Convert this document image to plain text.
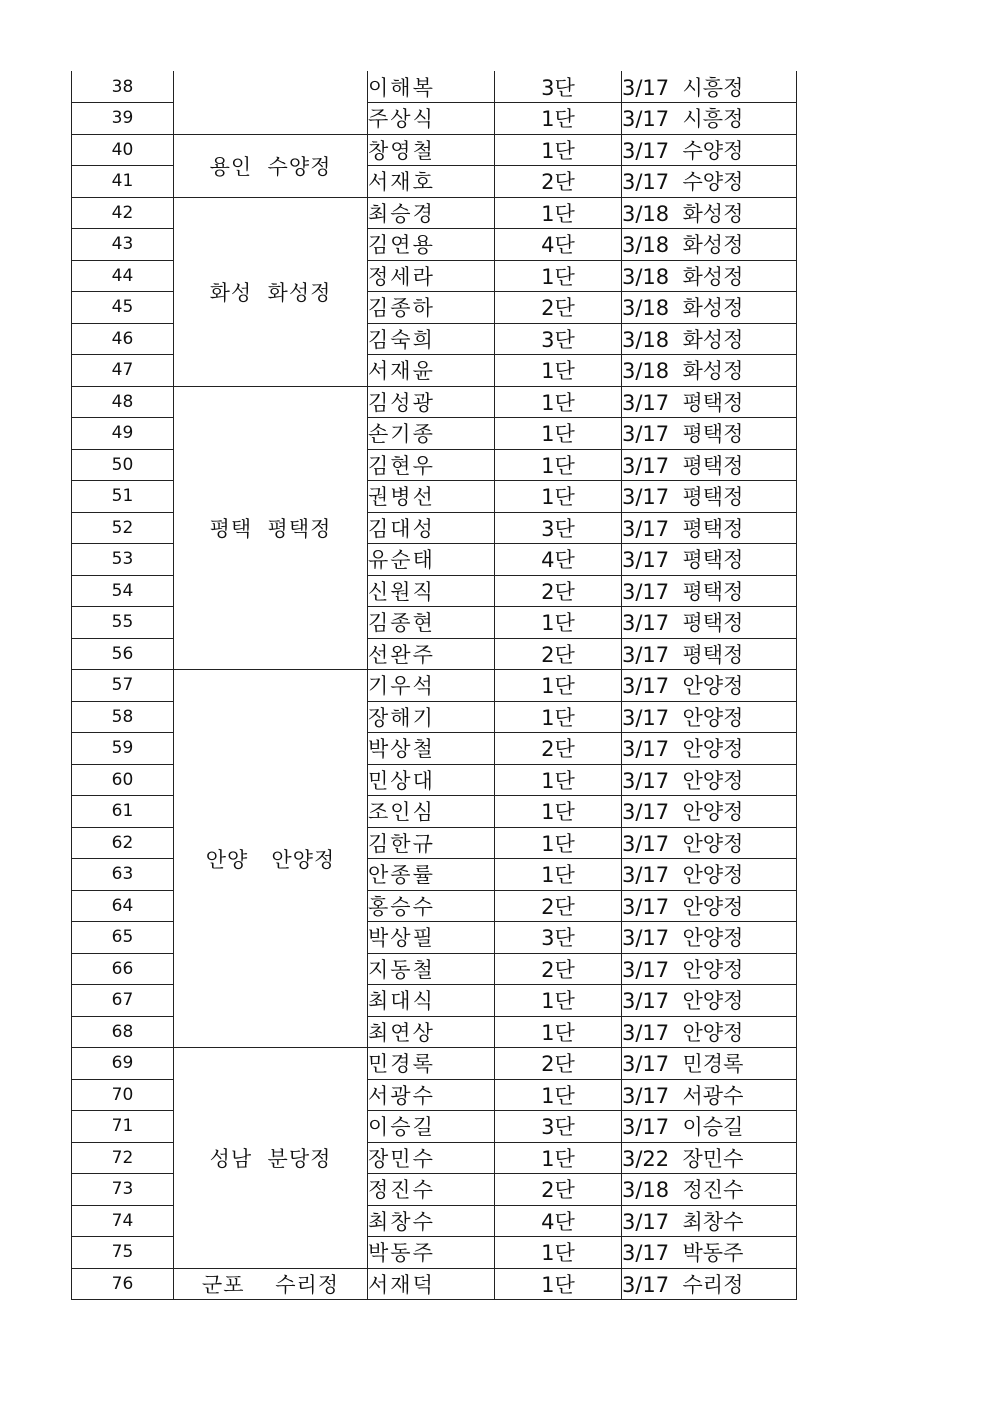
38		이해복	3단	3/17  시흥정
39		주상식	1단	3/17  시흥정
40	용인  수양정	창영철	1단	3/17  수양정
41		서재호	2단	3/17  수양정
42	화성  화성정	최승경	1단	3/18  화성정
43		김연용	4단	3/18  화성정
44		정세라	1단	3/18  화성정
45		김종하	2단	3/18  화성정
46		김숙희	3단	3/18  화성정
47		서재윤	1단	3/18  화성정
48	평택  평택정	김성광	1단	3/17  평택정
49		손기종	1단	3/17  평택정
50		김현우	1단	3/17  평택정
51		권병선	1단	3/17  평택정
52		김대성	3단	3/17  평택정
53		유순태	4단	3/17  평택정
54		신원직	2단	3/17  평택정
55		김종현	1단	3/17  평택정
56		선완주	2단	3/17  평택정
57	안양   안양정	기우석	1단	3/17  안양정
58		장해기	1단	3/17  안양정
59		박상철	2단	3/17  안양정
60		민상대	1단	3/17  안양정
61		조인심	1단	3/17  안양정
62		김한규	1단	3/17  안양정
63		안종률	1단	3/17  안양정
64		홍승수	2단	3/17  안양정
65		박상필	3단	3/17  안양정
66		지동철	2단	3/17  안양정
67		최대식	1단	3/17  안양정
68		최연상	1단	3/17  안양정
69	성남  분당정	민경록	2단	3/17  민경록
70		서광수	1단	3/17  서광수
71		이승길	3단	3/17  이승길
72		장민수	1단	3/22  장민수
73		정진수	2단	3/18  정진수
74		최창수	4단	3/17  최창수
75		박동주	1단	3/17  박동주
76	군포    수리정	서재덕	1단	3/17  수리정
